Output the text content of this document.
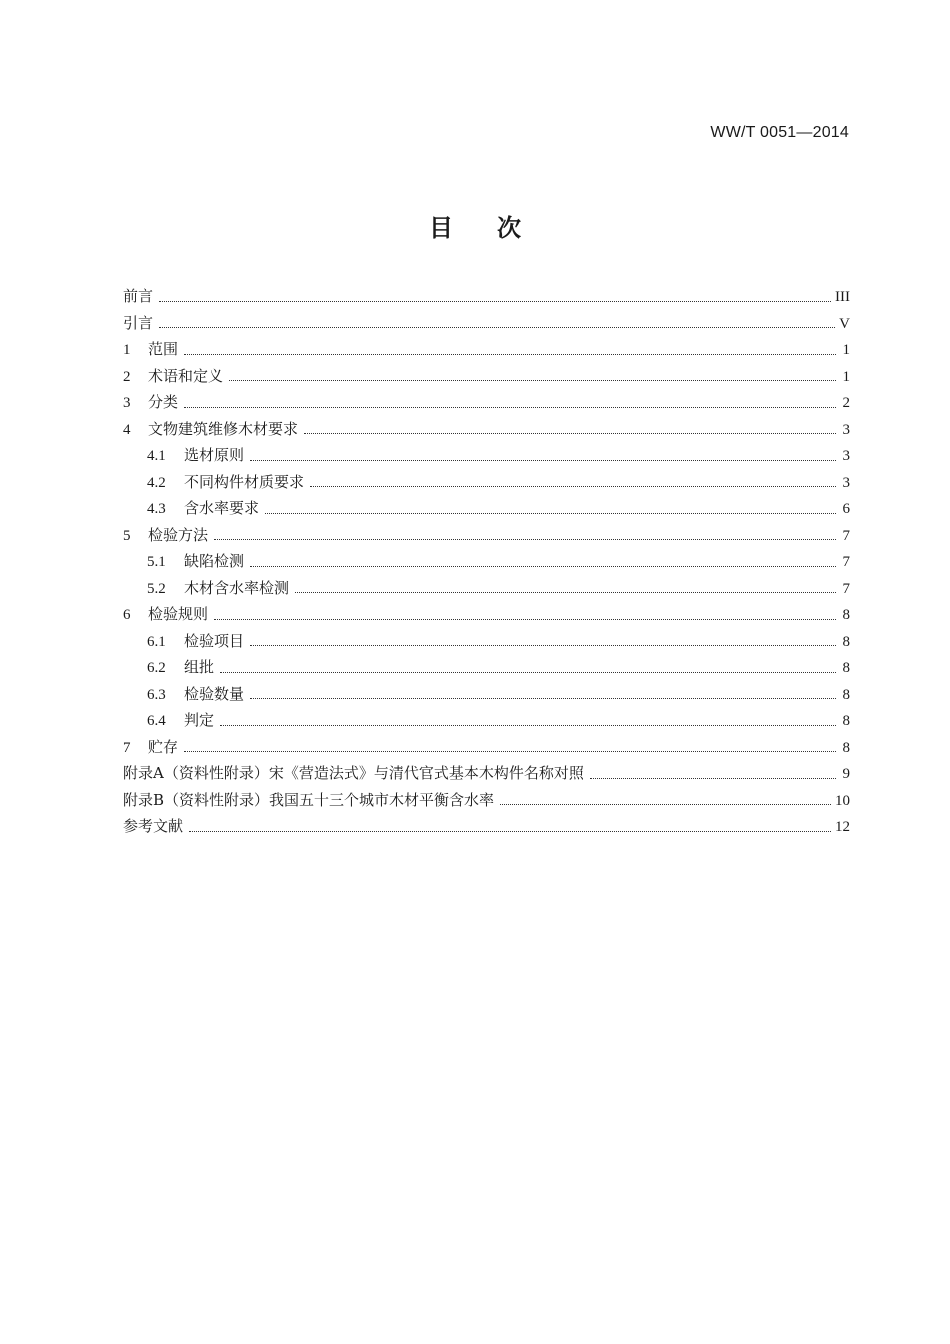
WW/T 0051—2014
目 次
前言	III
引言	V
1	范围	1
2	术语和定义	1
3	分类	2
4	文物建筑维修木材要求	3
4.1	选材原则	3
4.2	不同构件材质要求	3
4.3	含水率要求	6
5	检验方法	7
5.1	缺陷检测	7
5.2	木材含水率检测	7
6	检验规则	8
6.1	检验项目	8
6.2	组批	8
6.3	检验数量	8
6.4	判定	8
7	贮存	8
附录A（资料性附录）宋《营造法式》与清代官式基本木构件名称对照	9
附录B（资料性附录）我国五十三个城市木材平衡含水率	10
参考文献	12
